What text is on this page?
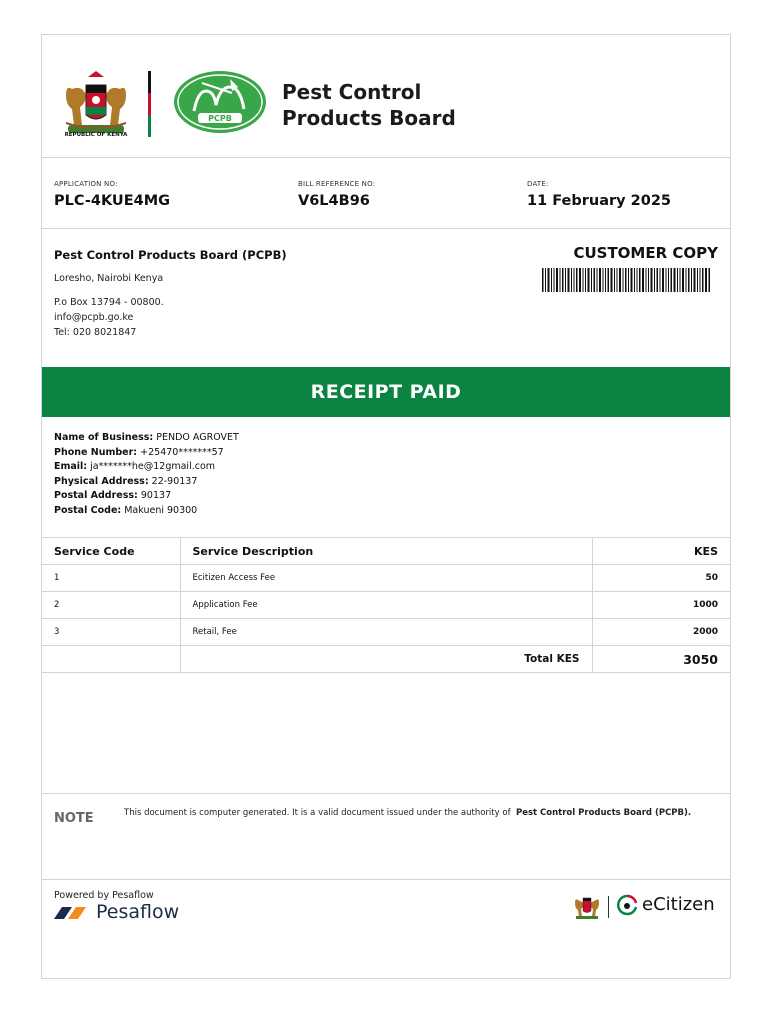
REPUBLIC OF KENYA
PCPB
Pest Control
Products Board
APPLICATION NO:
PLC-4KUE4MG
BILL REFERENCE NO:
V6L4B96
DATE:
11 February 2025
Pest Control Products Board (PCPB)
Loresho, Nairobi Kenya
P.o Box 13794 - 00800.
info@pcpb.go.ke
Tel: 020 8021847
CUSTOMER COPY
RECEIPT PAID
Name of Business: PENDO AGROVET
Phone Number: +25470*******57
Email: ja*******he@12gmail.com
Physical Address: 22-90137
Postal Address: 90137
Postal Code: Makueni 90300
Service Code	Service Description	KES
1	Ecitizen Access Fee	50
2	Application Fee	1000
3	Retail, Fee	2000
	Total KES	3050
NOTE	This document is computer generated. It is a valid document issued under the authority of Pest Control Products Board (PCPB).
Powered by Pesaflow
Pesaflow	eCitizen
